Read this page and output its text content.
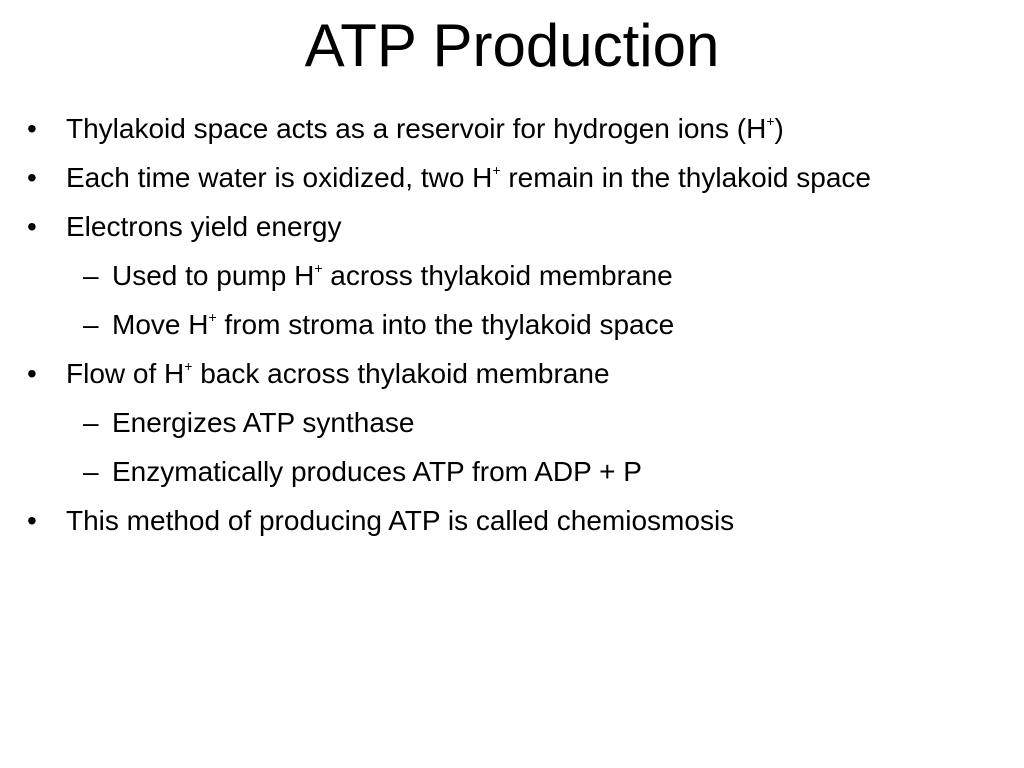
ATP Production
•	Thylakoid space acts as a reservoir for hydrogen ions (H+)
•	Each time water is oxidized, two H+ remain in the thylakoid space
•	Electrons yield energy
– Used to pump H+ across thylakoid membrane
– Move H+ from stroma into the thylakoid space
•	Flow of H+ back across thylakoid membrane
– Energizes ATP synthase
– Enzymatically produces ATP from ADP + P
•	This method of producing ATP is called chemiosmosis
